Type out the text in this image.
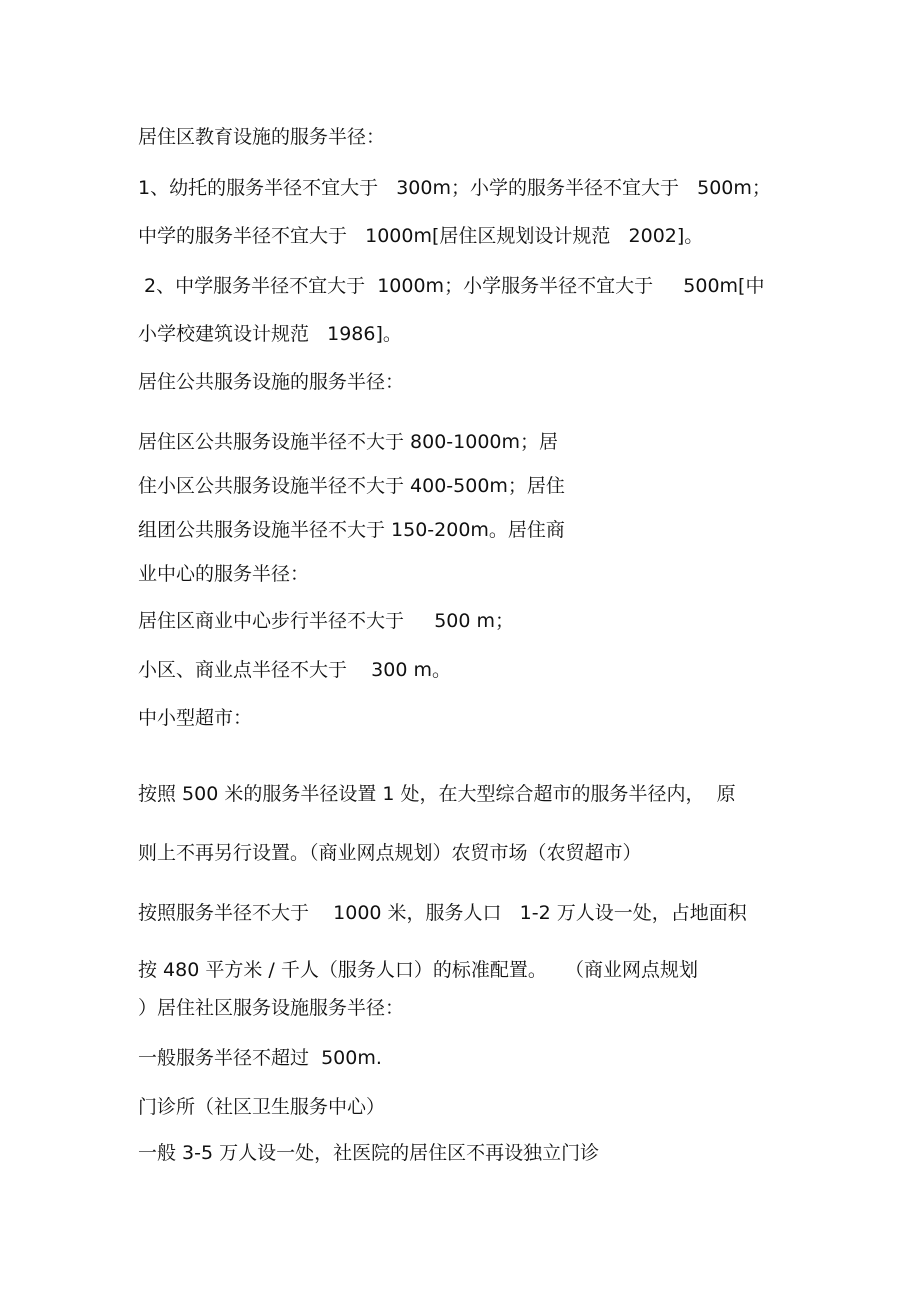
居住区教育设施的服务半径：
1、幼托的服务半径不宜大于   300m；小学的服务半径不宜大于   500m；
中学的服务半径不宜大于   1000m[居住区规划设计规范   2002]。
2、中学服务半径不宜大于  1000m；小学服务半径不宜大于     500m[中
小学校建筑设计规范   1986]。
居住公共服务设施的服务半径：
居住区公共服务设施半径不大于 800-1000m；居
住小区公共服务设施半径不大于 400-500m；居住
组团公共服务设施半径不大于 150-200m。居住商
业中心的服务半径：
居住区商业中心步行半径不大于     500 m；
小区、商业点半径不大于    300 m。
中小型超市：
按照 500 米的服务半径设置 1 处，在大型综合超市的服务半径内，  原
则上不再另行设置。（商业网点规划）农贸市场（农贸超市）
按照服务半径不大于    1000 米，服务人口   1-2 万人设一处，占地面积
按 480 平方米 / 千人（服务人口）的标准配置。   （商业网点规划
）居住社区服务设施服务半径：
一般服务半径不超过  500m.
门诊所（社区卫生服务中心）
一般 3-5 万人设一处，社医院的居住区不再设独立门诊
